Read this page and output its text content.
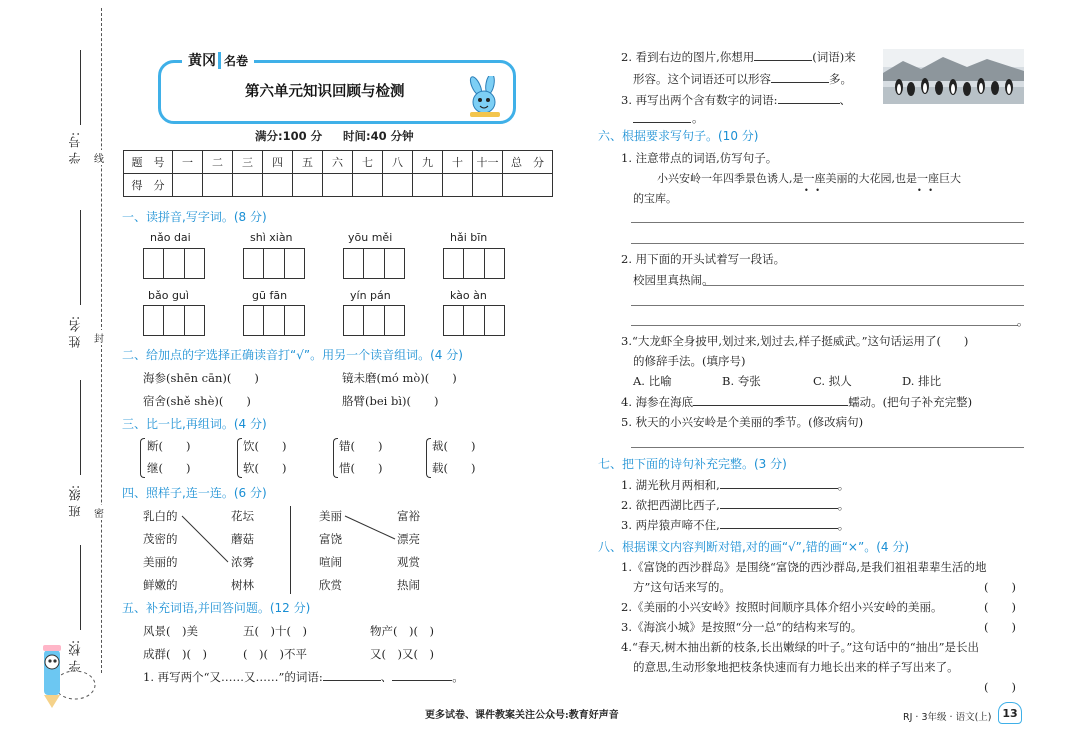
学 号: 线
姓 名: 封
班 级: 密
学 校:
黄冈 名卷
第六单元知识回顾与检测
满分:100 分 时间:40 分钟
题　号	一	二	三	四	五	六	七	八	九	十	十一	总　分
得　分												
一、读拼音,写字词。(8 分)
nǎo dai	shì xiàn	yōu měi	hǎi bīn
bǎo guì	gū fān	yín pán	kào àn
二、给加点的字选择正确读音打“√”。用另一个读音组词。(4 分)
海参(shēn cān)(　　)	镜未磨(mó mò)(　　)
宿舍(shě shè)(　　)	胳臂(bei bì)(　　)
三、比一比,再组词。(4 分)
断(　　)	饮(　　)	错(　　)	裁(　　)
继(　　)	软(　　)	惜(　　)	载(　　)
四、照样子,连一连。(6 分)
乳白的
茂密的
美丽的
鲜嫩的
花坛
蘑菇
浓雾
树林
美丽
富饶
喧闹
欣赏
富裕
漂亮
观赏
热闹
五、补充词语,并回答问题。(12 分)
风景(　)美	五(　)十(　)	物产(　)(　)
成群(　)(　)	(　)(　)不平	又(　)又(　)
1. 再写两个“又……又……”的词语:	、	。
2. 看到右边的图片,你想用	(词语)来
形容。这个词语还可以形容	多。
3. 再写出两个含有数字的词语:	、
。
六、根据要求写句子。(10 分)
1. 注意带点的词语,仿写句子。
小兴安岭一年四季景色诱人,是一座美丽的大花园,也是一座巨大
• •	• •
的宝库。
2. 用下面的开头试着写一段话。
校园里真热闹。
。
3.“大龙虾全身披甲,划过来,划过去,样子挺威武。”这句话运用了(　　)
的修辞手法。(填序号)
A. 比喻	B. 夸张	C. 拟人	D. 排比
4. 海参在海底	蠕动。(把句子补充完整)
5. 秋天的小兴安岭是个美丽的季节。(修改病句)
七、把下面的诗句补充完整。(3 分)
1. 湖光秋月两相和,	。
2. 欲把西湖比西子,	。
3. 两岸猿声啼不住,	。
八、根据课文内容判断对错,对的画“√”,错的画“×”。(4 分)
1.《富饶的西沙群岛》是围绕“富饶的西沙群岛,是我们祖祖辈辈生活的地
方”这句话来写的。	(　　)
2.《美丽的小兴安岭》按照时间顺序具体介绍小兴安岭的美丽。	(　　)
3.《海滨小城》是按照“分一总”的结构来写的。	(　　)
4.“春天,树木抽出新的枝条,长出嫩绿的叶子。”这句话中的“抽出”是长出
的意思,生动形象地把枝条快速而有力地长出来的样子写出来了。
(　　)
更多试卷、课件教案关注公众号:教育好声音	RJ · 3年级 · 语文(上) 13
